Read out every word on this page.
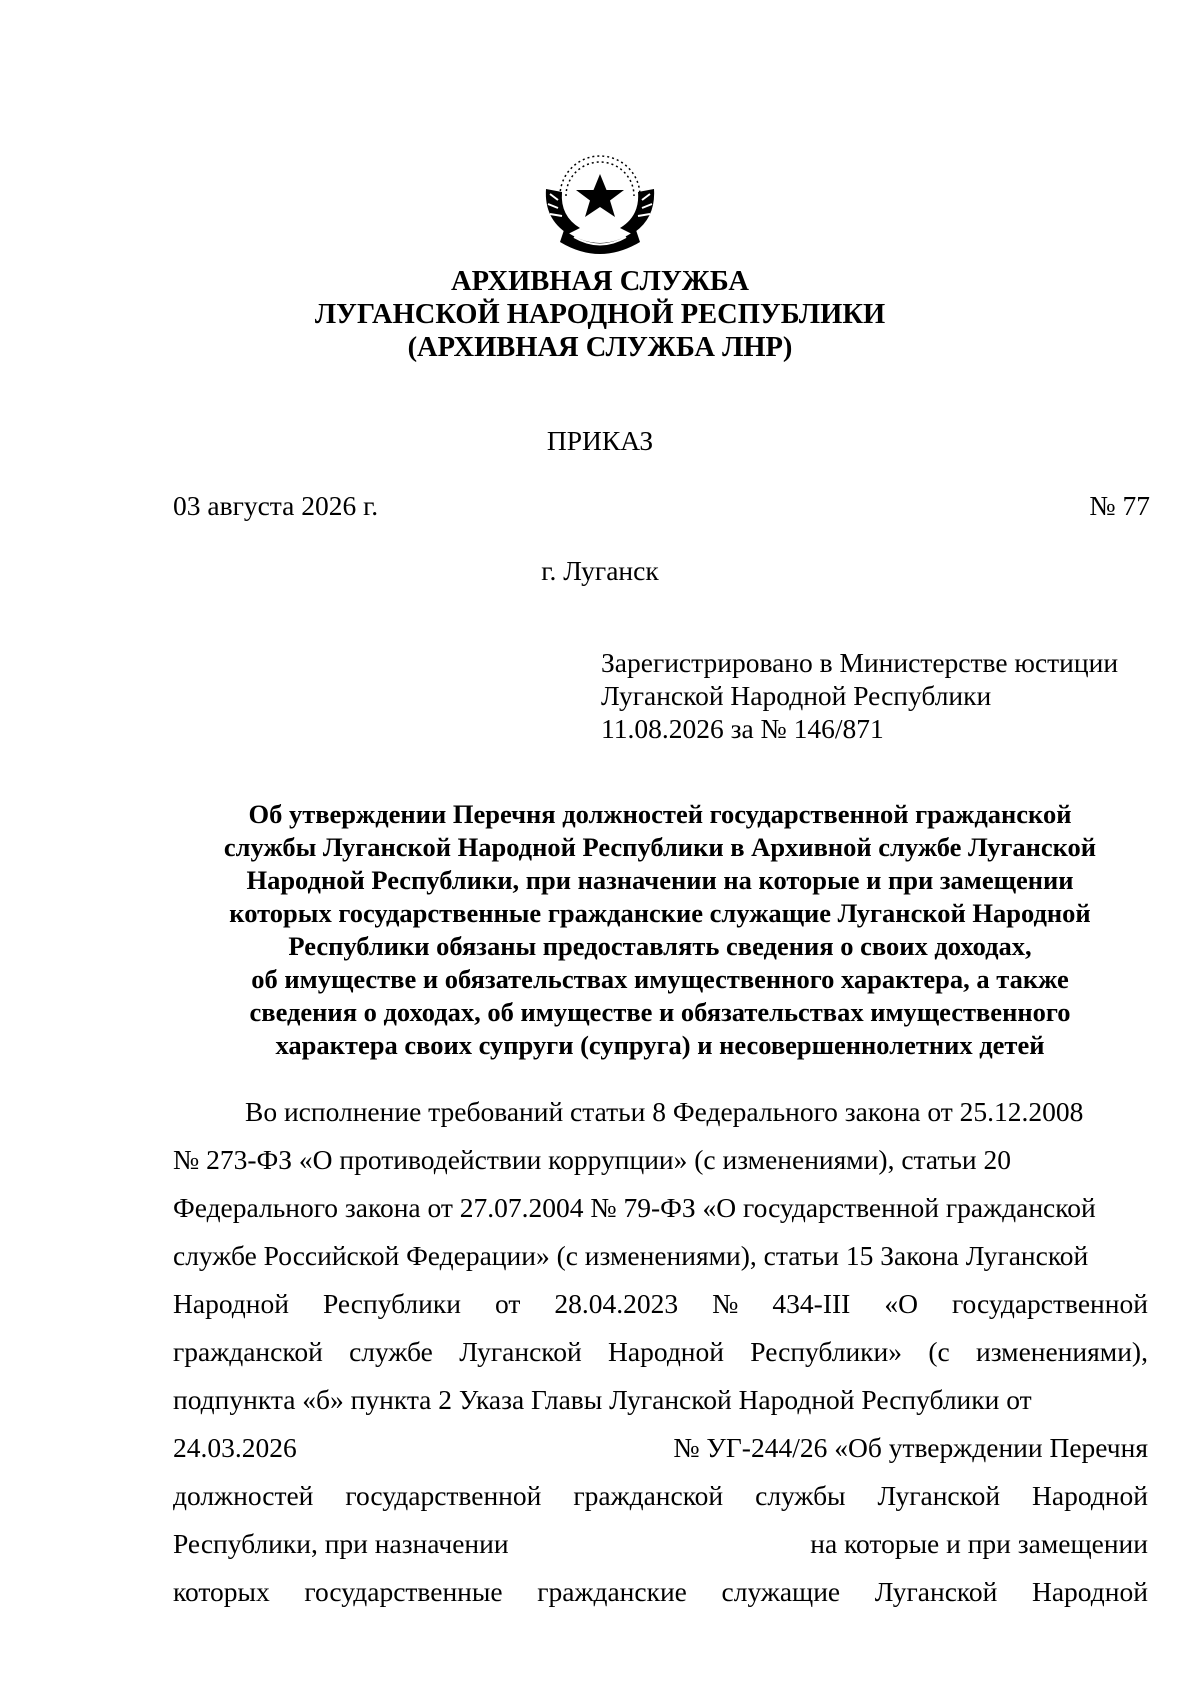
АРХИВНАЯ СЛУЖБА
ЛУГАНСКОЙ НАРОДНОЙ РЕСПУБЛИКИ
(АРХИВНАЯ СЛУЖБА ЛНР)
ПРИКАЗ
03 августа 2026 г.	№ 77
г. Луганск
Зарегистрировано в Министерстве юстиции
Луганской Народной Республики
11.08.2026 за № 146/871
Об утверждении Перечня должностей государственной гражданской
службы Луганской Народной Республики в Архивной службе Луганской
Народной Республики, при назначении на которые и при замещении
которых государственные гражданские служащие Луганской Народной
Республики обязаны предоставлять сведения о своих доходах,
об имуществе и обязательствах имущественного характера, а также
сведения о доходах, об имуществе и обязательствах имущественного
характера своих супруги (супруга) и несовершеннолетних детей
Во исполнение требований статьи 8 Федерального закона от 25.12.2008
№ 273-ФЗ «О противодействии коррупции» (с изменениями), статьи 20
Федерального закона от 27.07.2004 № 79-ФЗ «О государственной гражданской
службе Российской Федерации» (с изменениями), статьи 15 Закона Луганской
Народной Республики от 28.04.2023 № 434-III «О государственной
гражданской службе Луганской Народной Республики» (с изменениями),
подпункта «б» пункта 2 Указа Главы Луганской Народной Республики от
24.03.2026	№ УГ-244/26 «Об утверждении Перечня
должностей государственной гражданской службы Луганской Народной
Республики, при назначении	на которые и при замещении
которых государственные гражданские служащие Луганской Народной
